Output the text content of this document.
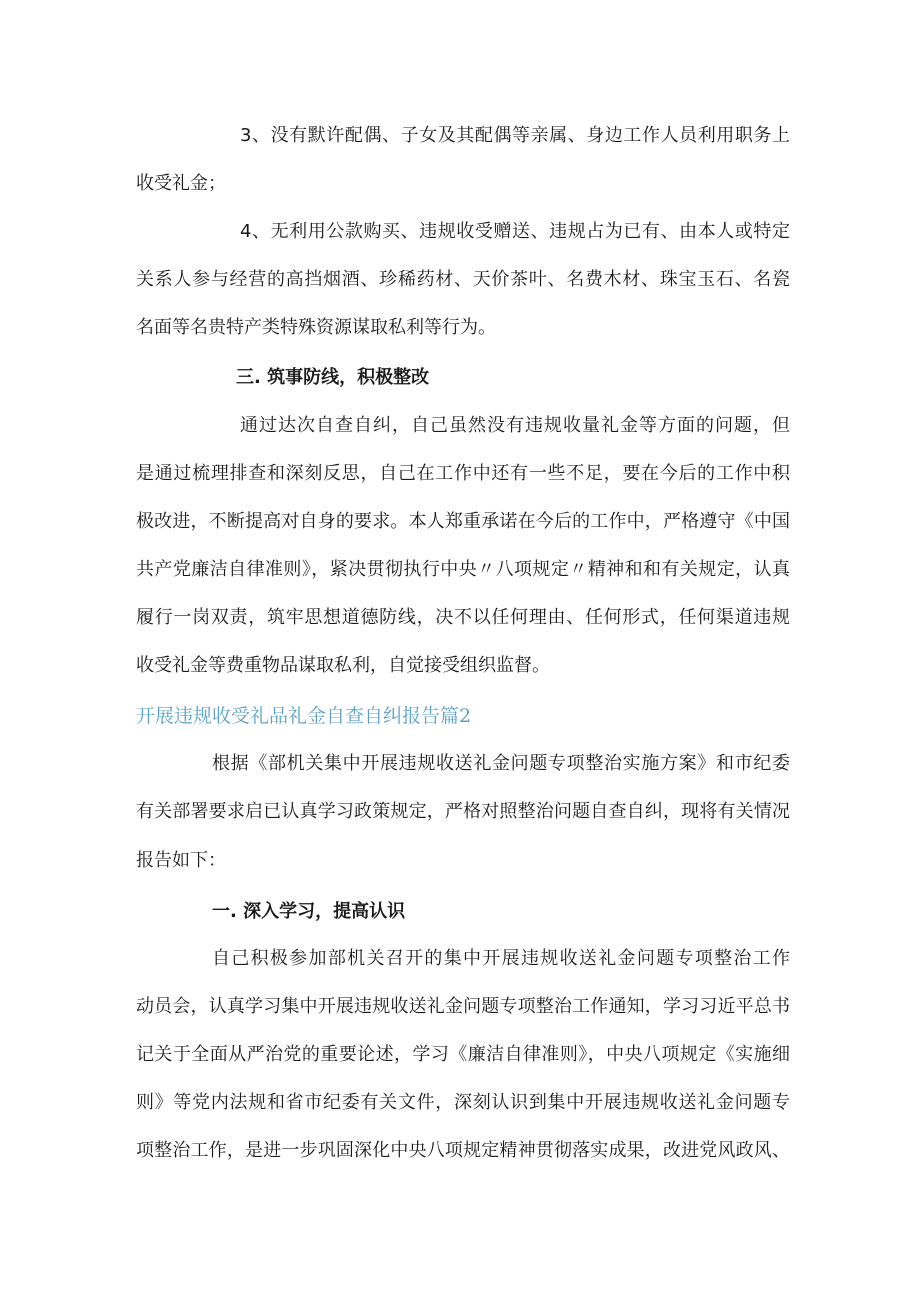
3、没有默许配偶、子女及其配偶等亲属、身边工作人员利用职务上
收受礼金；
4、无利用公款购买、违规收受赠送、违规占为已有、由本人或特定
关系人参与经营的高挡烟酒、珍稀药材、天价茶叶、名费木材、珠宝玉石、名瓷
名面等名贵特产类特殊资源谋取私利等行为。
三. 筑事防线，积极整改
通过达次自查自纠，自己虽然没有违规收量礼金等方面的问题，但
是通过梳理排查和深刻反思，自己在工作中还有一些不足，要在今后的工作中积
极改进，不断提高对自身的要求。本人郑重承诺在今后的工作中，严格遵守《中国
共产党廉洁自律准则》，紧决贯彻执行中央〃八项规定〃精神和和有关规定，认真
履行一岗双责，筑牢思想道德防线，决不以任何理由、任何形式，任何渠道违规
收受礼金等费重物品谋取私利，自觉接受组织监督。
开展违规收受礼品礼金自查自纠报告篇2
根据《部机关集中开展违规收送礼金问题专项整治实施方案》和市纪委
有关部署要求启已认真学习政策规定，严格对照整治问题自查自纠，现将有关情况
报告如下：
一. 深入学习，提高认识
自己积极参加部机关召开的集中开展违规收送礼金问题专项整治工作
动员会，认真学习集中开展违规收送礼金问题专项整治工作通知，学习习近平总书
记关于全面从严治党的重要论述，学习《廉洁自律准则》，中央八项规定《实施细
则》等党内法规和省市纪委有关文件，深刻认识到集中开展违规收送礼金问题专
项整治工作，是进一步巩固深化中央八项规定精神贯彻落实成果，改进党风政风、
